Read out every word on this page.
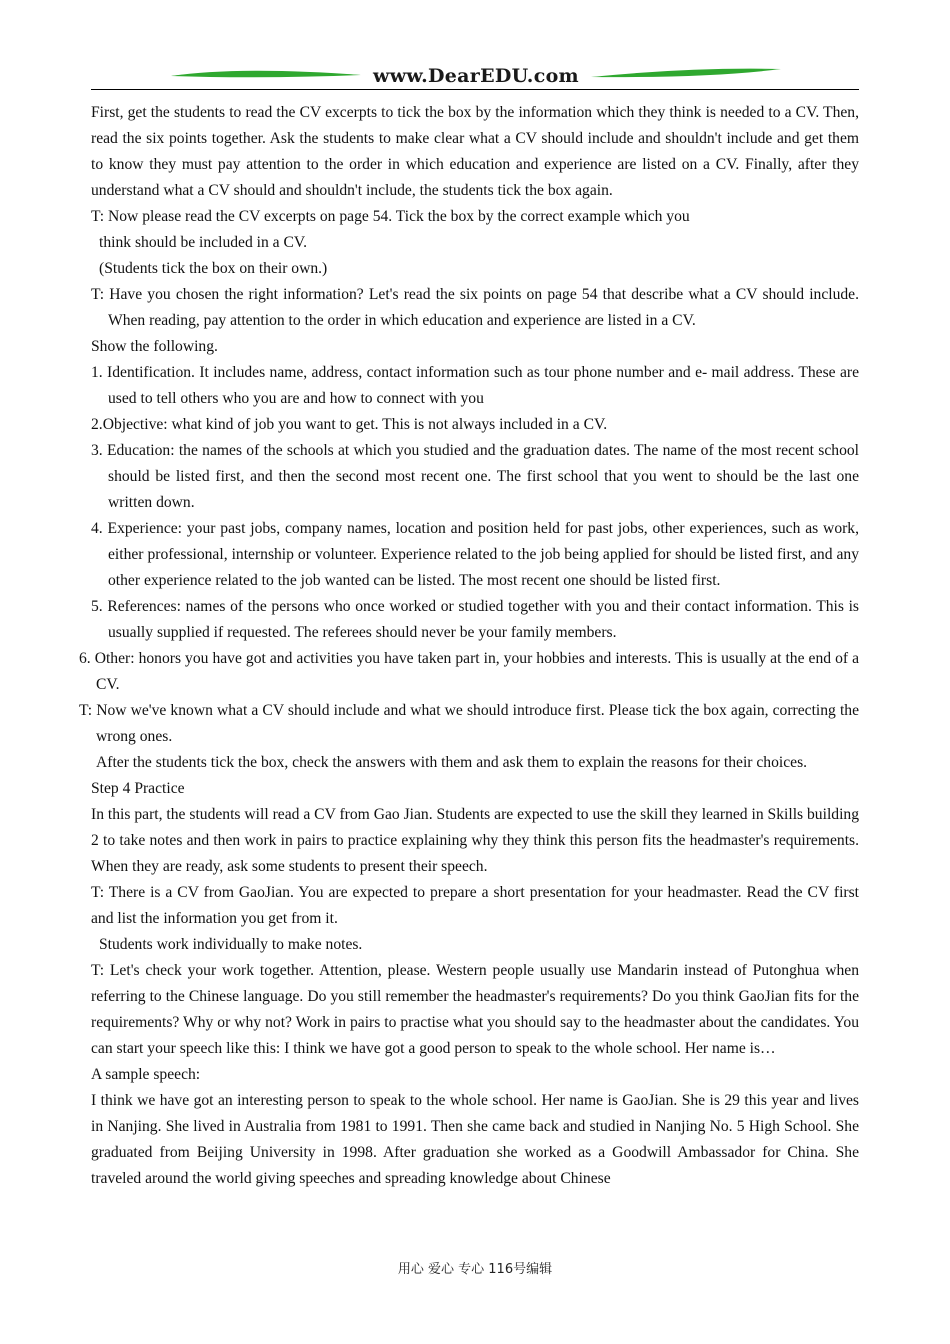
www.DearEDU.com

First, get the students to read the CV excerpts to tick the box by the information which they think is needed to a CV. Then, read the six points together. Ask the students to make clear what a CV should include and shouldn't include and get them to know they must pay attention to the order in which education and experience are listed on a CV. Finally, after they understand what a CV should and shouldn't include, the students tick the box again.

T: Now please read the CV excerpts on page 54. Tick the box by the correct example which you

think should be included in a CV.

(Students tick the box on their own.)

T: Have you chosen the right information? Let's read the six points on page 54 that describe what a CV should include. When reading, pay attention to the order in which education and experience are listed in a CV.

Show the following.

1. Identification. It includes name, address, contact information such as tour phone number and e- mail address. These are used to tell others who you are and how to connect with you

2.Objective: what kind of job you want to get. This is not always included in a CV.

3. Education: the names of the schools at which you studied and the graduation dates. The name of the most recent school should be listed first, and then the second most recent one. The first school that you went to should be the last one written down.

4. Experience: your past jobs, company names, location and position held for past jobs, other experiences, such as work, either professional, internship or volunteer. Experience related to the job being applied for should be listed first, and any other experience related to the job wanted can be listed. The most recent one should be listed first.

5. References: names of the persons who once worked or studied together with you and their contact information. This is usually supplied if requested. The referees should never be your family members.

6. Other: honors you have got and activities you have taken part in, your hobbies and interests. This is usually at the end of a CV.

T: Now we've known what a CV should include and what we should introduce first. Please tick the box again, correcting the wrong ones.

After the students tick the box, check the answers with them and ask them to explain the reasons for their choices.

Step 4 Practice

In this part, the students will read a CV from Gao Jian. Students are expected to use the skill they learned in Skills building 2 to take notes and then work in pairs to practice explaining why they think this person fits the headmaster's requirements. When they are ready, ask some students to present their speech.

T: There is a CV from GaoJian. You are expected to prepare a short presentation for your headmaster. Read the CV first and list the information you get from it.

Students work individually to make notes.

T: Let's check your work together. Attention, please. Western people usually use Mandarin instead of Putonghua when referring to the Chinese language. Do you still remember the headmaster's requirements? Do you think GaoJian fits for the requirements? Why or why not? Work in pairs to practise what you should say to the headmaster about the candidates. You can start your speech like this: I think we have got a good person to speak to the whole school. Her name is…

A sample speech:

I think we have got an interesting person to speak to the whole school. Her name is GaoJian. She is 29 this year and lives in Nanjing. She lived in Australia from 1981 to 1991. Then she came back and studied in Nanjing No. 5 High School. She graduated from Beijing University in 1998. After graduation she worked as a Goodwill Ambassador for China. She traveled around the world giving speeches and spreading knowledge about Chinese

用心 爱心 专心 116号编辑
